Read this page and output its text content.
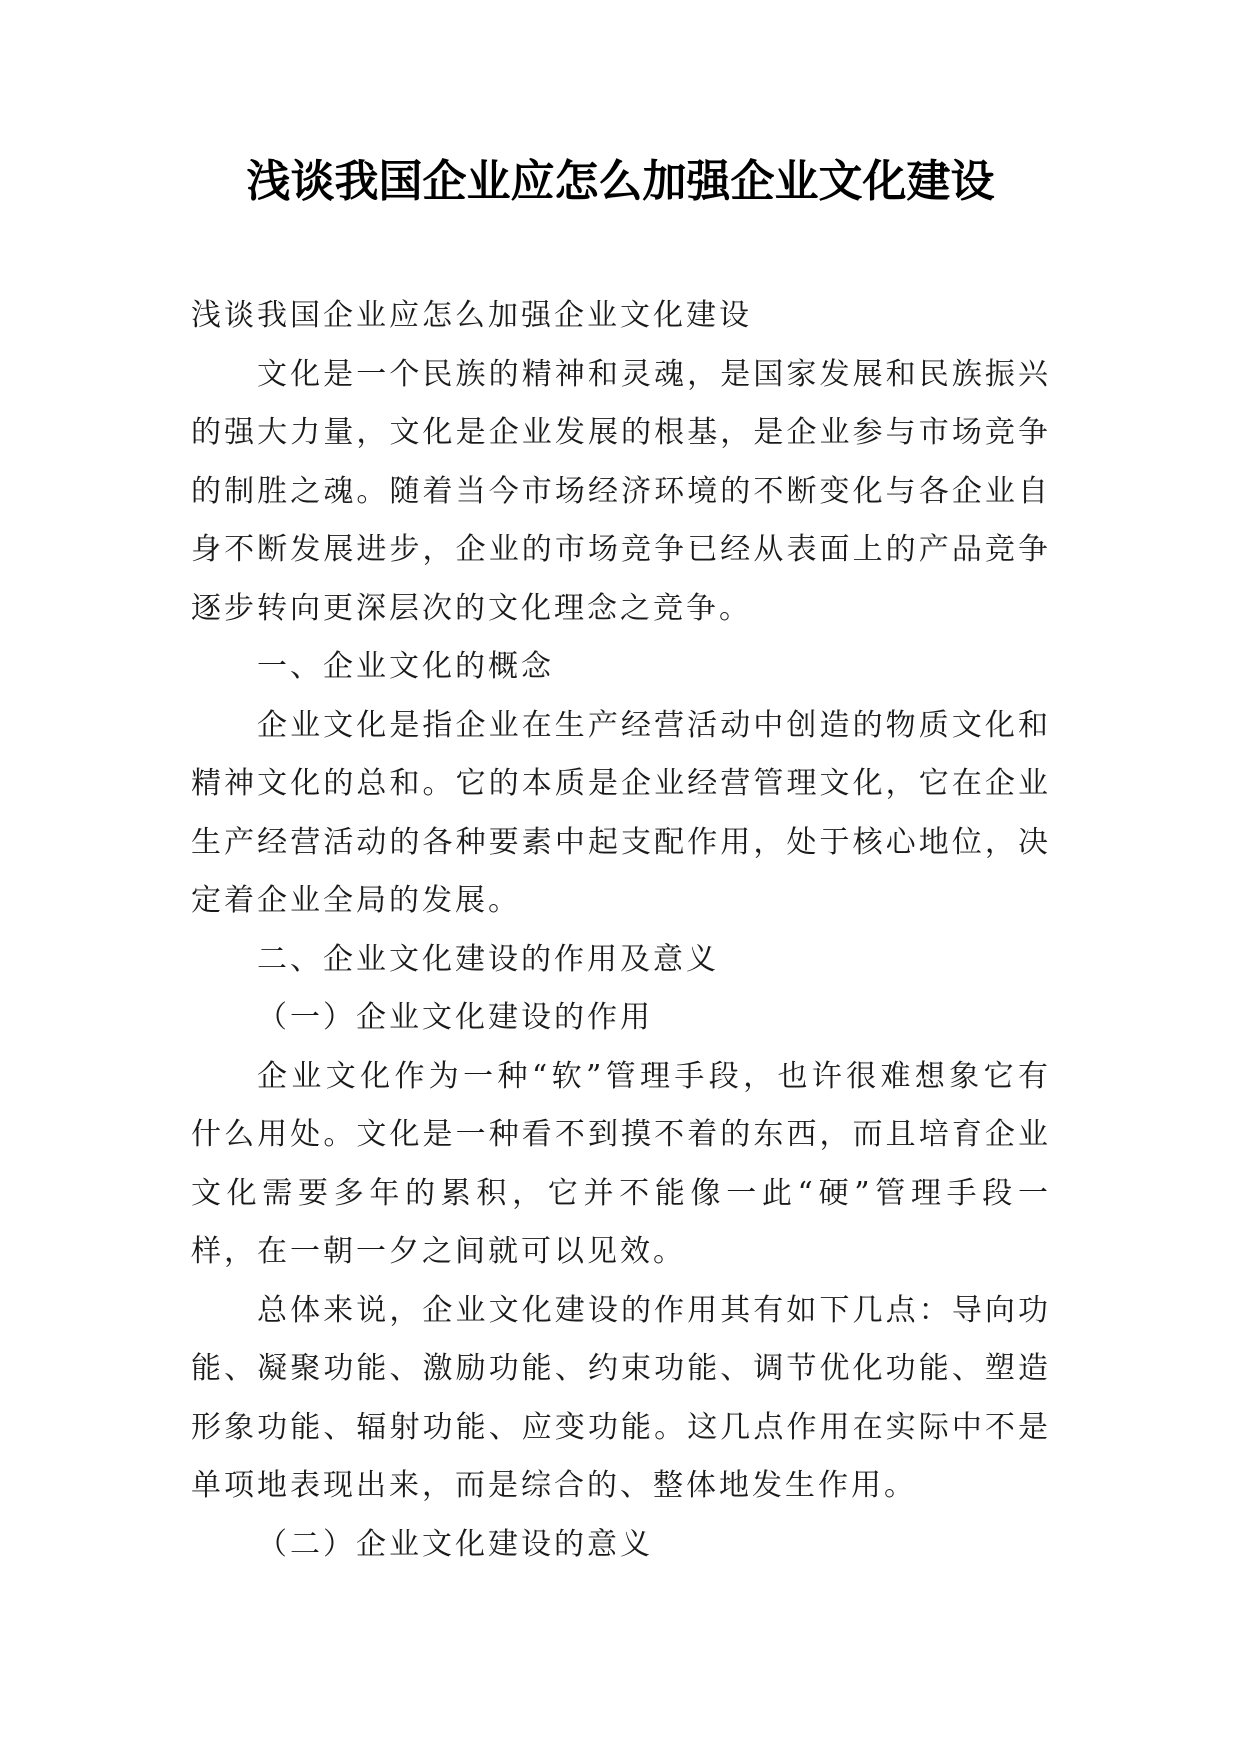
浅谈我国企业应怎么加强企业文化建设

浅谈我国企业应怎么加强企业文化建设

文化是一个民族的精神和灵魂，是国家发展和民族振兴的强大力量，文化是企业发展的根基，是企业参与市场竞争的制胜之魂。随着当今市场经济环境的不断变化与各企业自身不断发展进步，企业的市场竞争已经从表面上的产品竞争逐步转向更深层次的文化理念之竞争。

一、企业文化的概念

企业文化是指企业在生产经营活动中创造的物质文化和精神文化的总和。它的本质是企业经营管理文化，它在企业生产经营活动的各种要素中起支配作用，处于核心地位，决定着企业全局的发展。

二、企业文化建设的作用及意义

（一）企业文化建设的作用

企业文化作为一种“软”管理手段，也许很难想象它有什么用处。文化是一种看不到摸不着的东西，而且培育企业文化需要多年的累积，它并不能像一此“硬”管理手段一样，在一朝一夕之间就可以见效。

总体来说，企业文化建设的作用其有如下几点：导向功能、凝聚功能、激励功能、约束功能、调节优化功能、塑造形象功能、辐射功能、应变功能。这几点作用在实际中不是单项地表现出来，而是综合的、整体地发生作用。

（二）企业文化建设的意义
